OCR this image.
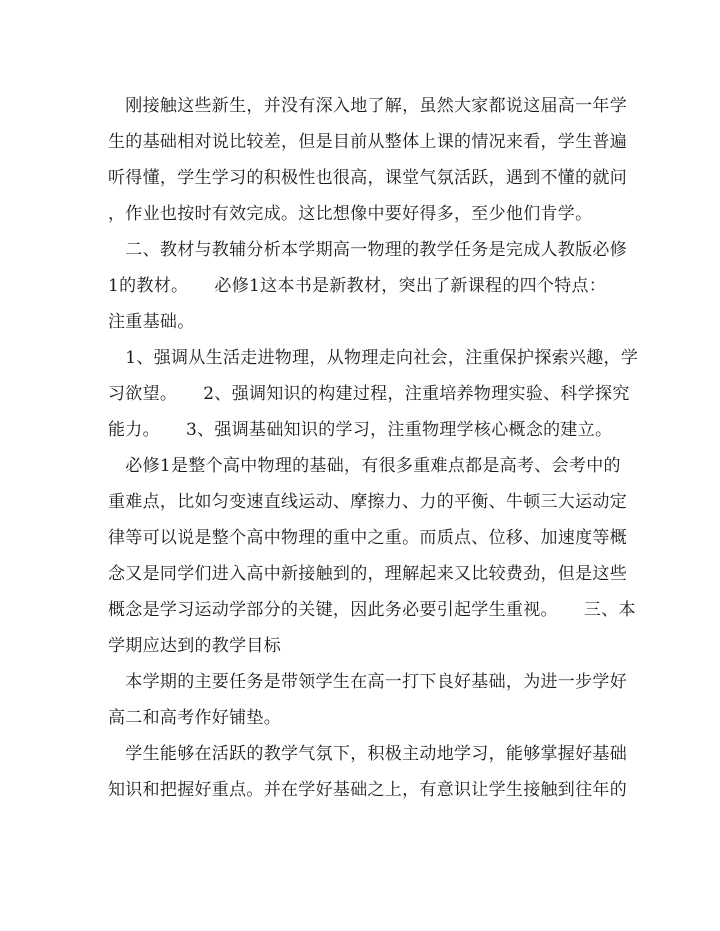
　刚接触这些新生，并没有深入地了解，虽然大家都说这届高一年学
生的基础相对说比较差，但是目前从整体上课的情况来看，学生普遍
听得懂，学生学习的积极性也很高，课堂气氛活跃，遇到不懂的就问
，作业也按时有效完成。这比想像中要好得多，至少他们肯学。
　二、教材与教辅分析本学期高一物理的教学任务是完成人教版必修
1的教材。　　必修1这本书是新教材，突出了新课程的四个特点：
注重基础。
　1、强调从生活走进物理，从物理走向社会，注重保护探索兴趣，学
习欲望。　　2、强调知识的构建过程，注重培养物理实验、科学探究
能力。　　3、强调基础知识的学习，注重物理学核心概念的建立。
　必修1是整个高中物理的基础，有很多重难点都是高考、会考中的
重难点，比如匀变速直线运动、摩擦力、力的平衡、牛顿三大运动定
律等可以说是整个高中物理的重中之重。而质点、位移、加速度等概
念又是同学们进入高中新接触到的，理解起来又比较费劲，但是这些
概念是学习运动学部分的关键，因此务必要引起学生重视。　　三、本
学期应达到的教学目标
　本学期的主要任务是带领学生在高一打下良好基础，为进一步学好
高二和高考作好铺垫。
　学生能够在活跃的教学气氛下，积极主动地学习，能够掌握好基础
知识和把握好重点。并在学好基础之上，有意识让学生接触到往年的
